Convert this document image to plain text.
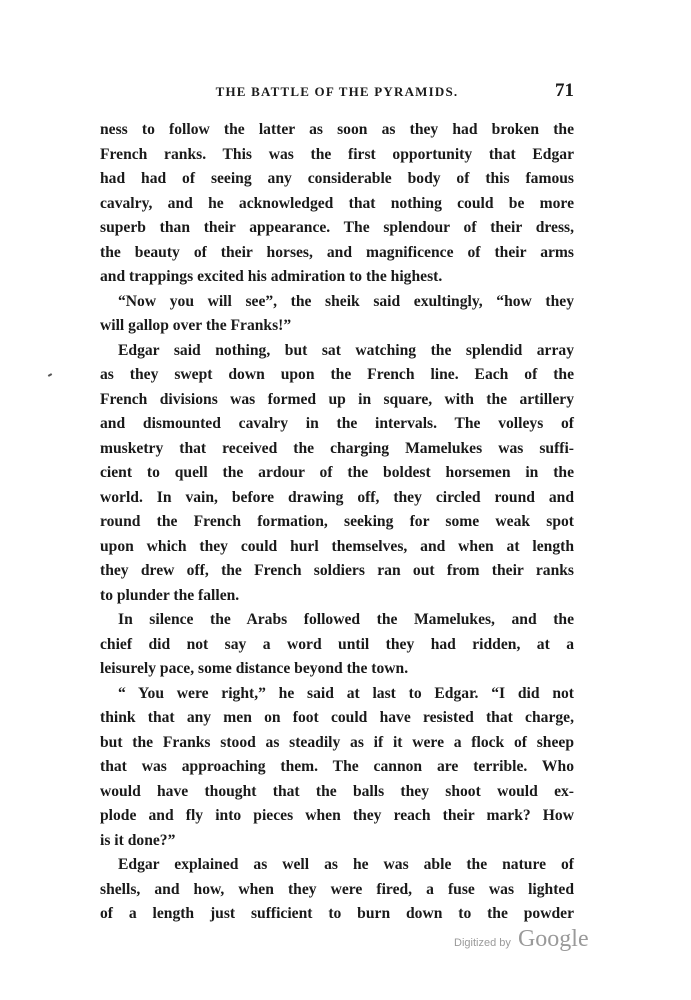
THE BATTLE OF THE PYRAMIDS.	71
ness to follow the latter as soon as they had broken the
French ranks. This was the first opportunity that Edgar
had had of seeing any considerable body of this famous
cavalry, and he acknowledged that nothing could be more
superb than their appearance. The splendour of their dress,
the beauty of their horses, and magnificence of their arms
and trappings excited his admiration to the highest.
“Now you will see”, the sheik said exultingly, “how they
will gallop over the Franks!”
Edgar said nothing, but sat watching the splendid array
as they swept down upon the French line. Each of the
French divisions was formed up in square, with the artillery
and dismounted cavalry in the intervals. The volleys of
musketry that received the charging Mamelukes was suffi-
cient to quell the ardour of the boldest horsemen in the
world. In vain, before drawing off, they circled round and
round the French formation, seeking for some weak spot
upon which they could hurl themselves, and when at length
they drew off, the French soldiers ran out from their ranks
to plunder the fallen.
In silence the Arabs followed the Mamelukes, and the
chief did not say a word until they had ridden, at a
leisurely pace, some distance beyond the town.
“ You were right,” he said at last to Edgar. “I did not
think that any men on foot could have resisted that charge,
but the Franks stood as steadily as if it were a flock of sheep
that was approaching them. The cannon are terrible. Who
would have thought that the balls they shoot would ex-
plode and fly into pieces when they reach their mark? How
is it done?”
Edgar explained as well as he was able the nature of
shells, and how, when they were fired, a fuse was lighted
of a length just sufficient to burn down to the powder
Digitized by Google
